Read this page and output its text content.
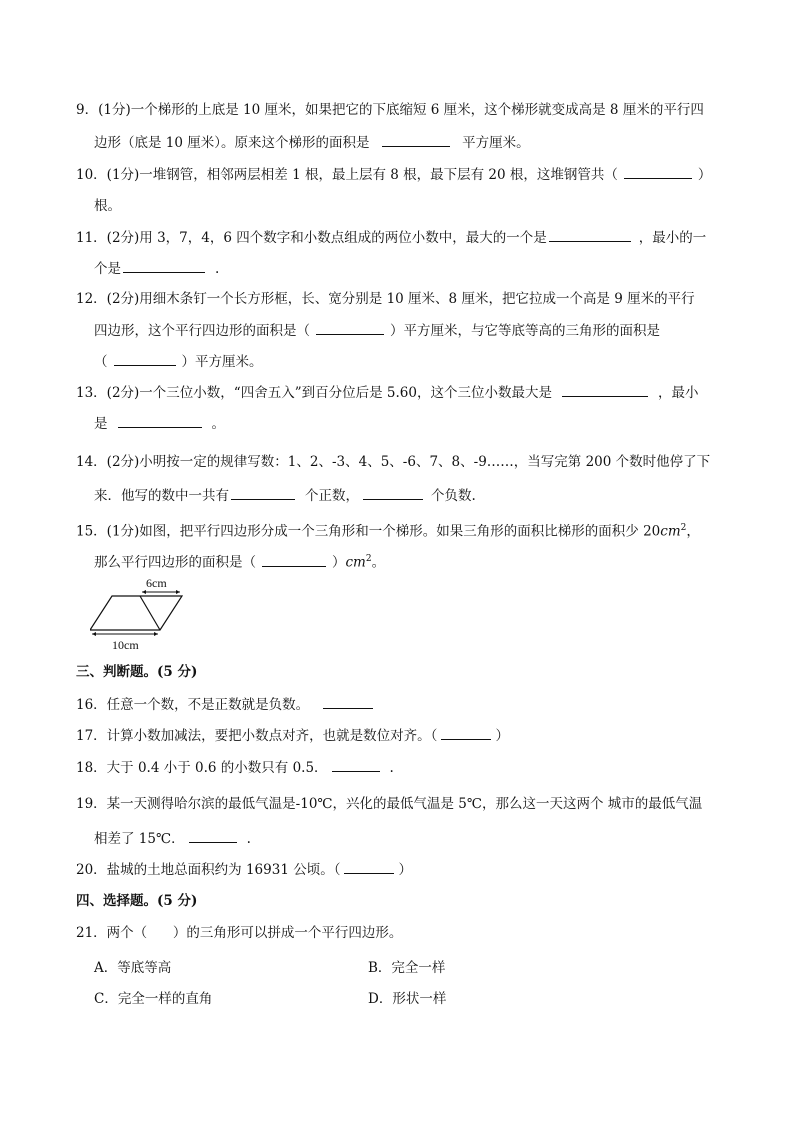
9．(1分)一个梯形的上底是 10 厘米，如果把它的下底缩短 6 厘米，这个梯形就变成高是 8 厘米的平行四
边形（底是 10 厘米）。原来这个梯形的面积是	平方厘米。
10．(1分)一堆钢管，相邻两层相差 1 根，最上层有 8 根，最下层有 20 根，这堆钢管共（	）
根。
11．(2分)用 3，7，4，6 四个数字和小数点组成的两位小数中，最大的一个是	，最小的一
个是	.
12．(2分)用细木条钉一个长方形框，长、宽分别是 10 厘米、8 厘米，把它拉成一个高是 9 厘米的平行
四边形，这个平行四边形的面积是（	）平方厘米，与它等底等高的三角形的面积是
（	）平方厘米。
13．(2分)一个三位小数，“四舍五入”到百分位后是 5.60，这个三位小数最大是	，最小
是	。
14．(2分)小明按一定的规律写数：1、2、-3、4、5、-6、7、8、-9……，当写完第 200 个数时他停了下
来．他写的数中一共有	个正数，	个负数.
15．(1分)如图，把平行四边形分成一个三角形和一个梯形。如果三角形的面积比梯形的面积少 $20cm^2$，
那么平行四边形的面积是（	）$cm^2$。
6cm
10cm
三、判断题。(5 分)
16．任意一个数，不是正数就是负数。
17．计算小数加减法，要把小数点对齐，也就是数位对齐。（	）
18．大于 0.4 小于 0.6 的小数只有 0.5．	.
19．某一天测得哈尔滨的最低气温是-10℃，兴化的最低气温是 5℃，那么这一天这两个 城市的最低气温
相差了 15℃．	.
20．盐城的土地总面积约为 16931 公顷。（	）
四、选择题。(5 分)
21．两个（      ）的三角形可以拼成一个平行四边形。
A．等底等高	B．完全一样
C．完全一样的直角	D．形状一样
